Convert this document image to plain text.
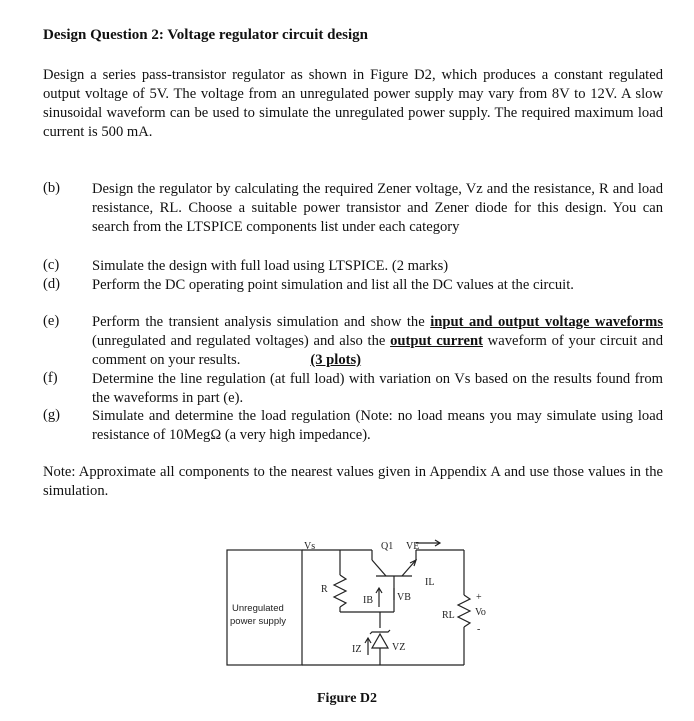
Design Question 2: Voltage regulator circuit design
Design a series pass-transistor regulator as shown in Figure D2, which produces a constant regulated output voltage of 5V. The voltage from an unregulated power supply may vary from 8V to 12V. A slow sinusoidal waveform can be used to simulate the unregulated power supply. The required maximum load current is 500 mA.
(b)	Design the regulator by calculating the required Zener voltage, Vz and the resistance, R and load resistance, RL. Choose a suitable power transistor and Zener diode for this design. You can search from the LTSPICE components list under each category
(c)	Simulate the design with full load using LTSPICE. (2 marks)
(d)	Perform the DC operating point simulation and list all the DC values at the circuit.
(e)	Perform the transient analysis simulation and show the input and output voltage waveforms (unregulated and regulated voltages) and also the output current waveform of your circuit and comment on your results.	(3 plots)
(f)	Determine the line regulation (at full load) with variation on Vs based on the results found from the waveforms in part (e).
(g)	Simulate and determine the load regulation (Note: no load means you may simulate using load resistance of 10MegΩ (a very high impedance).
Note: Approximate all components to the nearest values given in Appendix A and use those values in the simulation.
Vs	Q1 VE
IL
R
IB VB
RL Vo
+
-
IZ	VZ
Unregulated
power supply
Figure D2
